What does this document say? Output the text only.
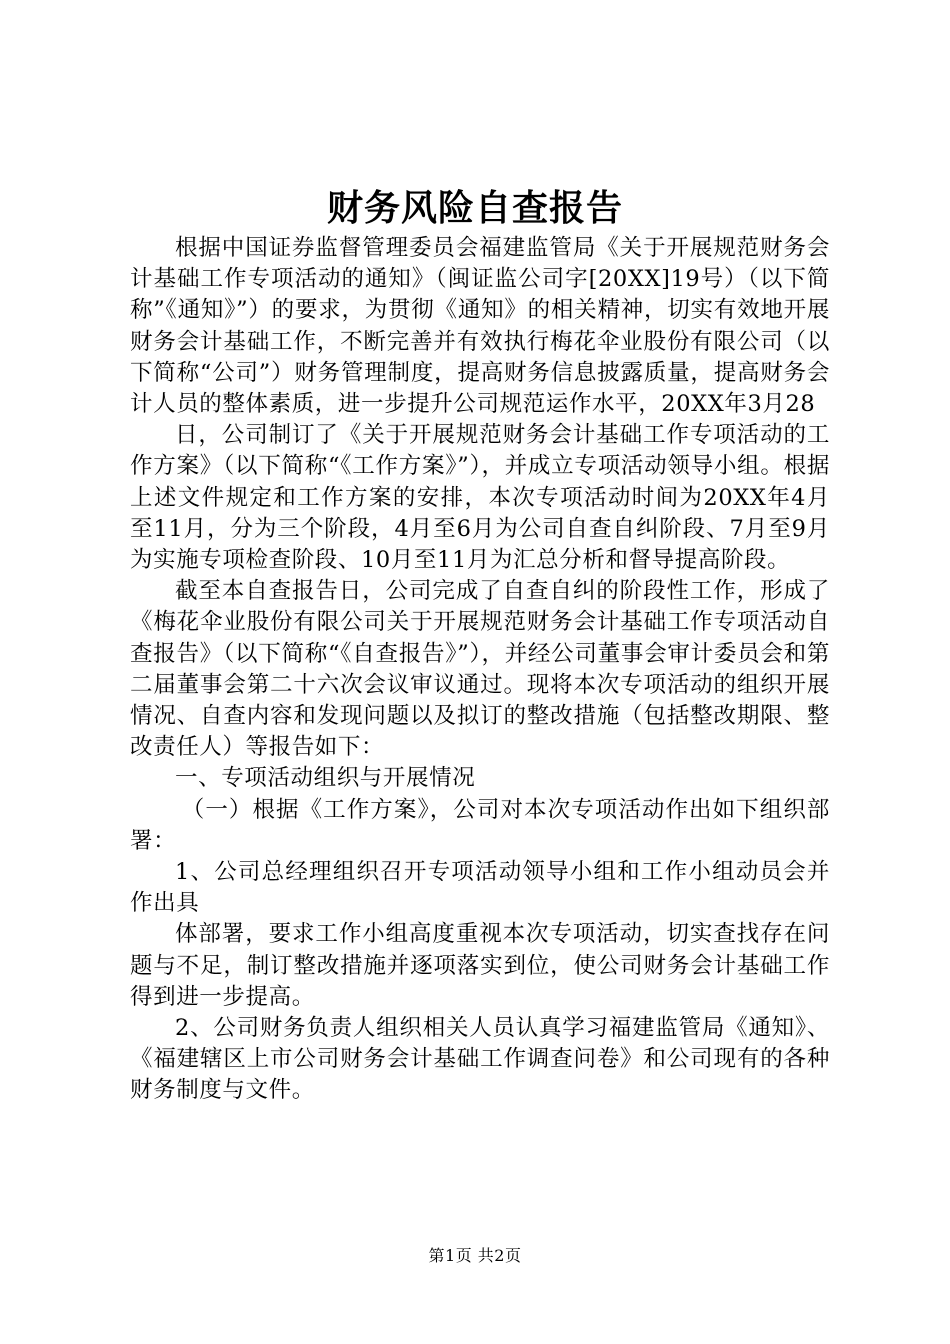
财务风险自查报告

根据中国证券监督管理委员会福建监管局《关于开展规范财务会计基础工作专项活动的通知》（闽证监公司字[20XX]19号）（以下简称”《通知》”）的要求，为贯彻《通知》的相关精神，切实有效地开展财务会计基础工作，不断完善并有效执行梅花伞业股份有限公司（以下简称“公司”）财务管理制度，提高财务信息披露质量，提高财务会计人员的整体素质，进一步提升公司规范运作水平，20XX年3月28

日，公司制订了《关于开展规范财务会计基础工作专项活动的工作方案》（以下简称“《工作方案》”），并成立专项活动领导小组。根据上述文件规定和工作方案的安排，本次专项活动时间为20XX年4月至11月，分为三个阶段，4月至6月为公司自查自纠阶段、7月至9月为实施专项检查阶段、10月至11月为汇总分析和督导提高阶段。

截至本自查报告日，公司完成了自查自纠的阶段性工作，形成了《梅花伞业股份有限公司关于开展规范财务会计基础工作专项活动自查报告》（以下简称“《自查报告》”），并经公司董事会审计委员会和第二届董事会第二十六次会议审议通过。现将本次专项活动的组织开展情况、自查内容和发现问题以及拟订的整改措施（包括整改期限、整改责任人）等报告如下：

一、专项活动组织与开展情况

（一）根据《工作方案》，公司对本次专项活动作出如下组织部署：

1、公司总经理组织召开专项活动领导小组和工作小组动员会并作出具

体部署，要求工作小组高度重视本次专项活动，切实查找存在问题与不足，制订整改措施并逐项落实到位，使公司财务会计基础工作得到进一步提高。

2、公司财务负责人组织相关人员认真学习福建监管局《通知》、《福建辖区上市公司财务会计基础工作调查问卷》和公司现有的各种财务制度与文件。

第1页 共2页
